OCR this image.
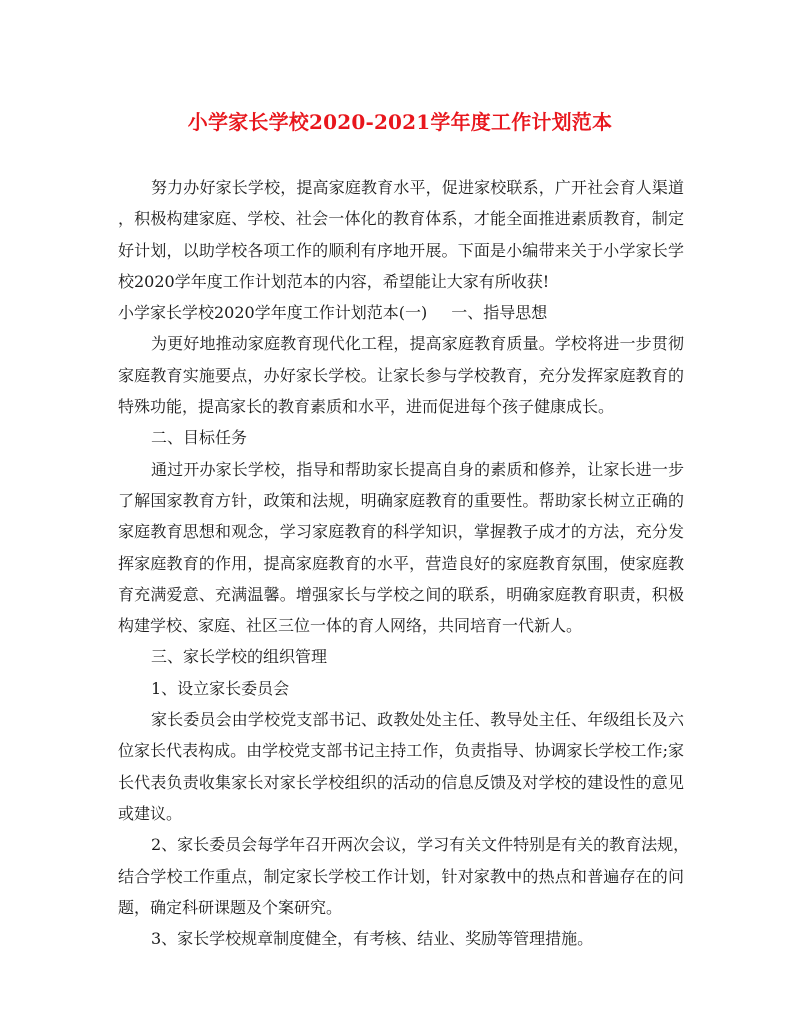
小学家长学校2020-2021学年度工作计划范本
努力办好家长学校，提高家庭教育水平，促进家校联系，广开社会育人渠道
，积极构建家庭、学校、社会一体化的教育体系，才能全面推进素质教育，制定
好计划，以助学校各项工作的顺利有序地开展。下面是小编带来关于小学家长学
校2020学年度工作计划范本的内容，希望能让大家有所收获!
小学家长学校2020学年度工作计划范本(一) 一、指导思想
为更好地推动家庭教育现代化工程，提高家庭教育质量。学校将进一步贯彻
家庭教育实施要点，办好家长学校。让家长参与学校教育，充分发挥家庭教育的
特殊功能，提高家长的教育素质和水平，进而促进每个孩子健康成长。
二、目标任务
通过开办家长学校，指导和帮助家长提高自身的素质和修养，让家长进一步
了解国家教育方针，政策和法规，明确家庭教育的重要性。帮助家长树立正确的
家庭教育思想和观念，学习家庭教育的科学知识，掌握教子成才的方法，充分发
挥家庭教育的作用，提高家庭教育的水平，营造良好的家庭教育氛围，使家庭教
育充满爱意、充满温馨。增强家长与学校之间的联系，明确家庭教育职责，积极
构建学校、家庭、社区三位一体的育人网络，共同培育一代新人。
三、家长学校的组织管理
1、设立家长委员会
家长委员会由学校党支部书记、政教处处主任、教导处主任、年级组长及六
位家长代表构成。由学校党支部书记主持工作，负责指导、协调家长学校工作;家
长代表负责收集家长对家长学校组织的活动的信息反馈及对学校的建设性的意见
或建议。
2、家长委员会每学年召开两次会议，学习有关文件特别是有关的教育法规，
结合学校工作重点，制定家长学校工作计划，针对家教中的热点和普遍存在的问
题，确定科研课题及个案研究。
3、家长学校规章制度健全，有考核、结业、奖励等管理措施。
